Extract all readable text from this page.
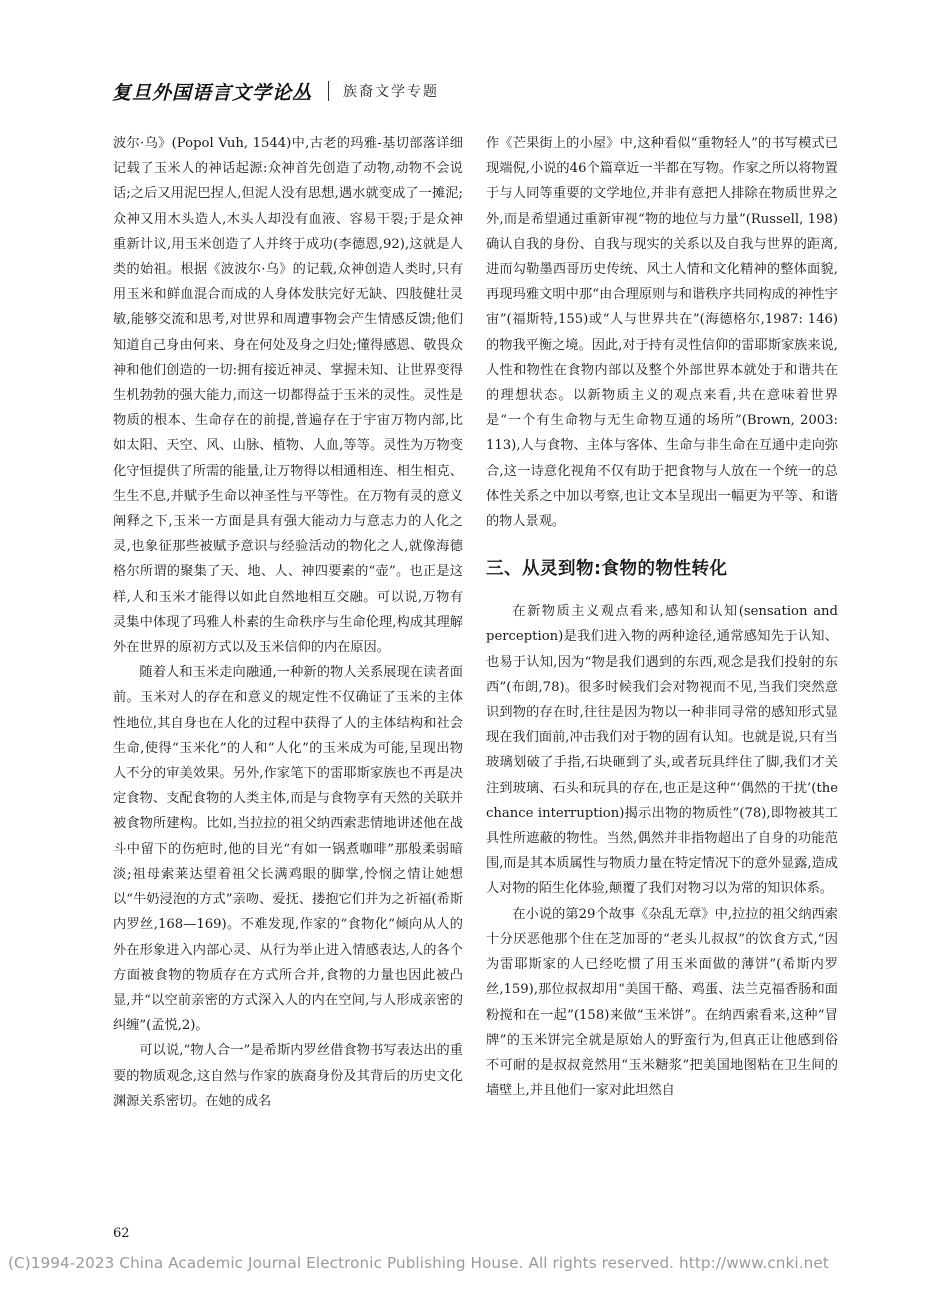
复旦外国语言文学论丛 族裔文学专题

波尔·乌》(Popol Vuh, 1544)中,古老的玛雅-基切部落详细记载了玉米人的神话起源:众神首先创造了动物,动物不会说话;之后又用泥巴捏人,但泥人没有思想,遇水就变成了一摊泥;众神又用木头造人,木头人却没有血液、容易干裂;于是众神重新计议,用玉米创造了人并终于成功(李德恩,92),这就是人类的始祖。根据《波波尔·乌》的记载,众神创造人类时,只有用玉米和鲜血混合而成的人身体发肤完好无缺、四肢健壮灵敏,能够交流和思考,对世界和周遭事物会产生情感反馈;他们知道自己身由何来、身在何处及身之归处;懂得感恩、敬畏众神和他们创造的一切:拥有接近神灵、掌握未知、让世界变得生机勃勃的强大能力,而这一切都得益于玉米的灵性。灵性是物质的根本、生命存在的前提,普遍存在于宇宙万物内部,比如太阳、天空、风、山脉、植物、人血,等等。灵性为万物变化守恒提供了所需的能量,让万物得以相通相连、相生相克、生生不息,并赋予生命以神圣性与平等性。在万物有灵的意义阐释之下,玉米一方面是具有强大能动力与意志力的人化之灵,也象征那些被赋予意识与经验活动的物化之人,就像海德格尔所谓的聚集了天、地、人、神四要素的“壶”。也正是这样,人和玉米才能得以如此自然地相互交融。可以说,万物有灵集中体现了玛雅人朴素的生命秩序与生命伦理,构成其理解外在世界的原初方式以及玉米信仰的内在原因。

随着人和玉米走向融通,一种新的物人关系展现在读者面前。玉米对人的存在和意义的规定性不仅确证了玉米的主体性地位,其自身也在人化的过程中获得了人的主体结构和社会生命,使得“玉米化”的人和“人化”的玉米成为可能,呈现出物人不分的审美效果。另外,作家笔下的雷耶斯家族也不再是决定食物、支配食物的人类主体,而是与食物享有天然的关联并被食物所建构。比如,当拉拉的祖父纳西索悲情地讲述他在战斗中留下的伤疤时,他的目光“有如一锅煮咖啡”那般柔弱暗淡;祖母索莱达望着祖父长满鸡眼的脚掌,怜悯之情让她想以“牛奶浸泡的方式”亲吻、爱抚、搂抱它们并为之祈福(希斯内罗丝,168—169)。不难发现,作家的“食物化”倾向从人的外在形象进入内部心灵、从行为举止进入情感表达,人的各个方面被食物的物质存在方式所合并,食物的力量也因此被凸显,并“以空前亲密的方式深入人的内在空间,与人形成亲密的纠缠”(孟悦,2)。

可以说,“物人合一”是希斯内罗丝借食物书写表达出的重要的物质观念,这自然与作家的族裔身份及其背后的历史文化渊源关系密切。在她的成名

作《芒果街上的小屋》中,这种看似“重物轻人”的书写模式已现端倪,小说的46个篇章近一半都在写物。作家之所以将物置于与人同等重要的文学地位,并非有意把人排除在物质世界之外,而是希望通过重新审视“物的地位与力量”(Russell, 198)确认自我的身份、自我与现实的关系以及自我与世界的距离,进而勾勒墨西哥历史传统、风土人情和文化精神的整体面貌,再现玛雅文明中那“由合理原则与和谐秩序共同构成的神性宇宙”(福斯特,155)或“人与世界共在”(海德格尔,1987: 146)的物我平衡之境。因此,对于持有灵性信仰的雷耶斯家族来说,人性和物性在食物内部以及整个外部世界本就处于和谐共在的理想状态。以新物质主义的观点来看,共在意味着世界是“一个有生命物与无生命物互通的场所”(Brown, 2003: 113),人与食物、主体与客体、生命与非生命在互通中走向弥合,这一诗意化视角不仅有助于把食物与人放在一个统一的总体性关系之中加以考察,也让文本呈现出一幅更为平等、和谐的物人景观。

三、从灵到物:食物的物性转化

在新物质主义观点看来,感知和认知(sensation and perception)是我们进入物的两种途径,通常感知先于认知、也易于认知,因为“物是我们遇到的东西,观念是我们投射的东西”(布朗,78)。很多时候我们会对物视而不见,当我们突然意识到物的存在时,往往是因为物以一种非同寻常的感知形式显现在我们面前,冲击我们对于物的固有认知。也就是说,只有当玻璃划破了手指,石块砸到了头,或者玩具绊住了脚,我们才关注到玻璃、石头和玩具的存在,也正是这种“‘偶然的干扰’(the chance interruption)揭示出物的物质性”(78),即物被其工具性所遮蔽的物性。当然,偶然并非指物超出了自身的功能范围,而是其本质属性与物质力量在特定情况下的意外显露,造成人对物的陌生化体验,颠覆了我们对物习以为常的知识体系。

在小说的第29个故事《杂乱无章》中,拉拉的祖父纳西索十分厌恶他那个住在芝加哥的“老头儿叔叔”的饮食方式,“因为雷耶斯家的人已经吃惯了用玉米面做的薄饼”(希斯内罗丝,159),那位叔叔却用“美国干酪、鸡蛋、法兰克福香肠和面粉搅和在一起”(158)来做“玉米饼”。在纳西索看来,这种“冒牌”的玉米饼完全就是原始人的野蛮行为,但真正让他感到俗不可耐的是叔叔竟然用“玉米糖浆”把美国地图粘在卫生间的墙壁上,并且他们一家对此坦然自

62
(C)1994-2023 China Academic Journal Electronic Publishing House. All rights reserved. http://www.cnki.net
